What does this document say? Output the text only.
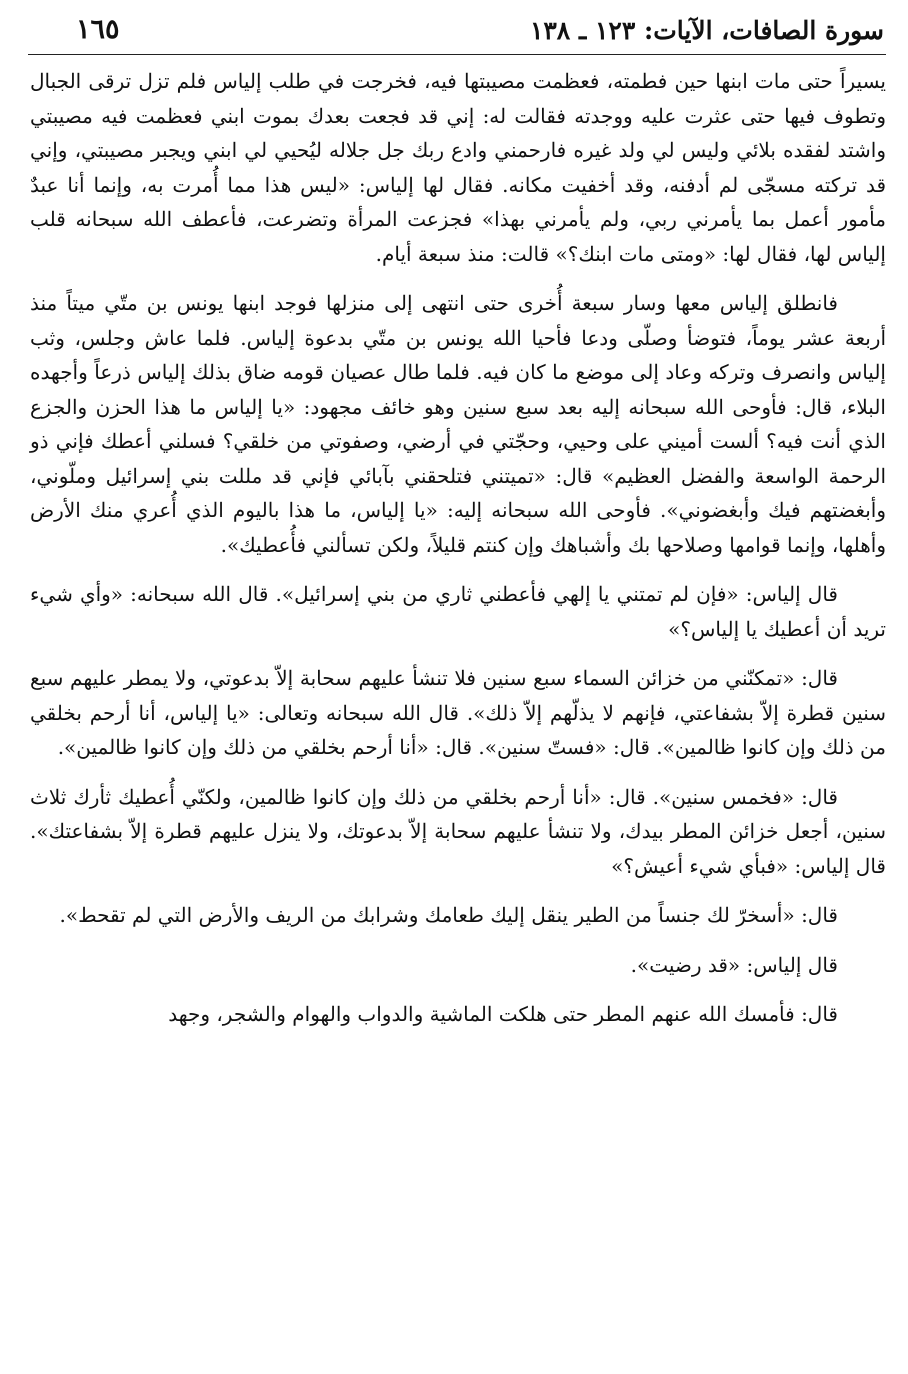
١٦٥	سورة الصافات، الآيات: ١٢٣ ـ ١٣٨

يسيراً حتى مات ابنها حين فطمته، فعظمت مصيبتها فيه، فخرجت في طلب إلياس فلم تزل ترقى الجبال وتطوف فيها حتى عثرت عليه ووجدته فقالت له: إني قد فجعت بعدك بموت ابني فعظمت فيه مصيبتي واشتد لفقده بلائي وليس لي ولد غيره فارحمني وادع ربك جل جلاله ليُحيي لي ابني ويجبر مصيبتي، وإني قد تركته مسجّى لم أدفنه، وقد أخفيت مكانه. فقال لها إلياس: «ليس هذا مما أُمرت به، وإنما أنا عبدٌ مأمور أعمل بما يأمرني ربي، ولم يأمرني بهذا» فجزعت المرأة وتضرعت، فأعطف الله سبحانه قلب إلياس لها، فقال لها: «ومتى مات ابنك؟» قالت: منذ سبعة أيام.

فانطلق إلياس معها وسار سبعة أُخرى حتى انتهى إلى منزلها فوجد ابنها يونس بن متّي ميتاً منذ أربعة عشر يوماً، فتوضأ وصلّى ودعا فأحيا الله يونس بن متّي بدعوة إلياس. فلما عاش وجلس، وثب إلياس وانصرف وتركه وعاد إلى موضع ما كان فيه. فلما طال عصيان قومه ضاق بذلك إلياس ذرعاً وأجهده البلاء، قال: فأوحى الله سبحانه إليه بعد سبع سنين وهو خائف مجهود: «يا إلياس ما هذا الحزن والجزع الذي أنت فيه؟ ألست أميني على وحيي، وحجّتي في أرضي، وصفوتي من خلقي؟ فسلني أعطك فإني ذو الرحمة الواسعة والفضل العظيم» قال: «تميتني فتلحقني بآبائي فإني قد مللت بني إسرائيل وملّوني، وأبغضتهم فيك وأبغضوني». فأوحى الله سبحانه إليه: «يا إلياس، ما هذا باليوم الذي أُعري منك الأرض وأهلها، وإنما قوامها وصلاحها بك وأشباهك وإن كنتم قليلاً، ولكن تسألني فأُعطيك».

قال إلياس: «فإن لم تمتني يا إلهي فأعطني ثاري من بني إسرائيل». قال الله سبحانه: «وأي شيء تريد أن أعطيك يا إلياس؟»

قال: «تمكنّني من خزائن السماء سبع سنين فلا تنشأ عليهم سحابة إلاّ بدعوتي، ولا يمطر عليهم سبع سنين قطرة إلاّ بشفاعتي، فإنهم لا يذلّهم إلاّ ذلك». قال الله سبحانه وتعالى: «يا إلياس، أنا أرحم بخلقي من ذلك وإن كانوا ظالمين». قال: «فستّ سنين». قال: «أنا أرحم بخلقي من ذلك وإن كانوا ظالمين».

قال: «فخمس سنين». قال: «أنا أرحم بخلقي من ذلك وإن كانوا ظالمين، ولكنّي أُعطيك ثأرك ثلاث سنين، أجعل خزائن المطر بيدك، ولا تنشأ عليهم سحابة إلاّ بدعوتك، ولا ينزل عليهم قطرة إلاّ بشفاعتك». قال إلياس: «فبأي شيء أعيش؟»

قال: «أسخرّ لك جنساً من الطير ينقل إليك طعامك وشرابك من الريف والأرض التي لم تقحط».

قال إلياس: «قد رضيت».

قال: فأمسك الله عنهم المطر حتى هلكت الماشية والدواب والهوام والشجر، وجهد
